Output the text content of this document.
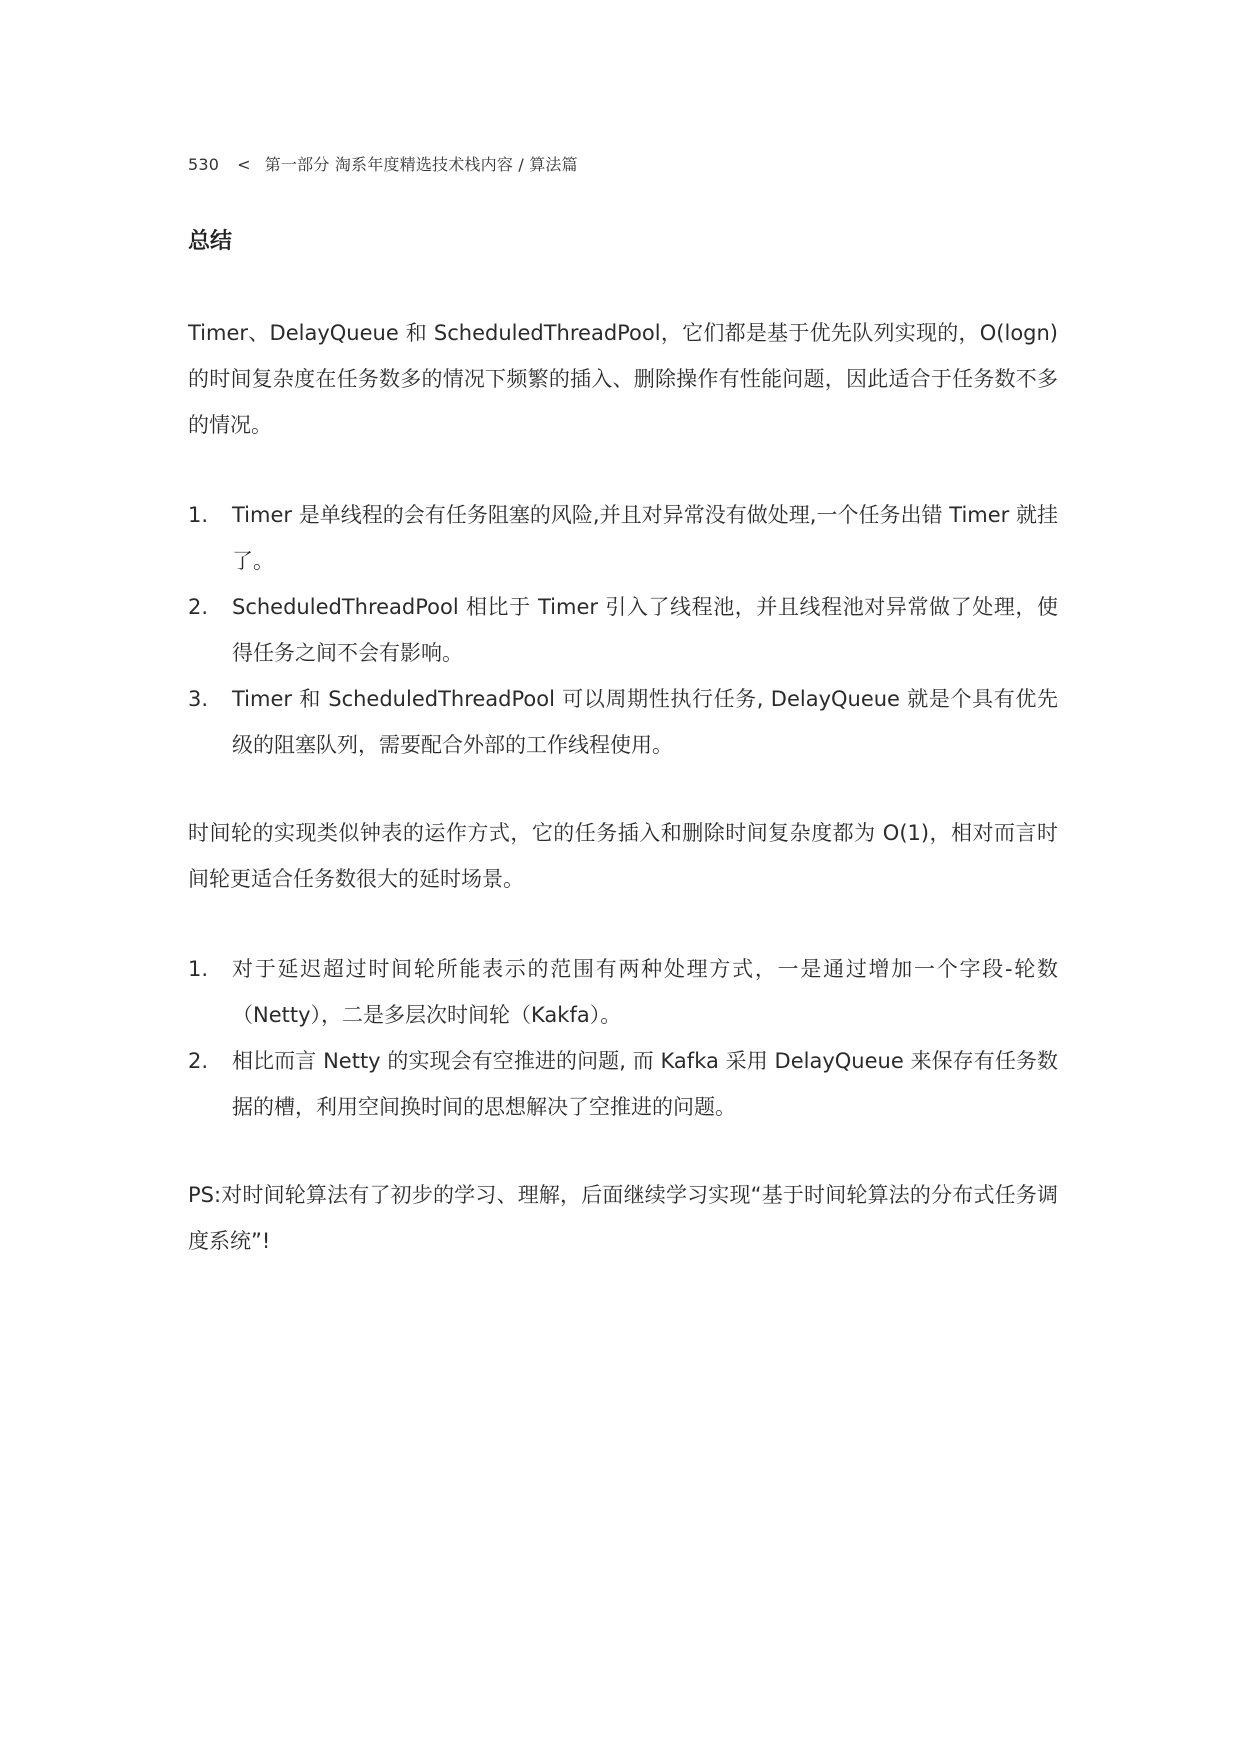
530 < 第一部分 淘系年度精选技术栈内容 / 算法篇
总结

Timer、DelayQueue 和 ScheduledThreadPool，它们都是基于优先队列实现的，O(logn) 的时间复杂度在任务数多的情况下频繁的插入、删除操作有性能问题，因此适合于任务数不多的情况。

1. Timer 是单线程的会有任务阻塞的风险,并且对异常没有做处理,一个任务出错 Timer 就挂了。
2. ScheduledThreadPool 相比于 Timer 引入了线程池，并且线程池对异常做了处理，使得任务之间不会有影响。
3. Timer 和 ScheduledThreadPool 可以周期性执行任务, DelayQueue 就是个具有优先级的阻塞队列，需要配合外部的工作线程使用。

时间轮的实现类似钟表的运作方式，它的任务插入和删除时间复杂度都为 O(1)，相对而言时间轮更适合任务数很大的延时场景。

1. 对于延迟超过时间轮所能表示的范围有两种处理方式，一是通过增加一个字段-轮数（Netty），二是多层次时间轮（Kakfa）。
2. 相比而言 Netty 的实现会有空推进的问题, 而 Kafka 采用 DelayQueue 来保存有任务数据的槽，利用空间换时间的思想解决了空推进的问题。

PS:对时间轮算法有了初步的学习、理解，后面继续学习实现“基于时间轮算法的分布式任务调度系统”!
